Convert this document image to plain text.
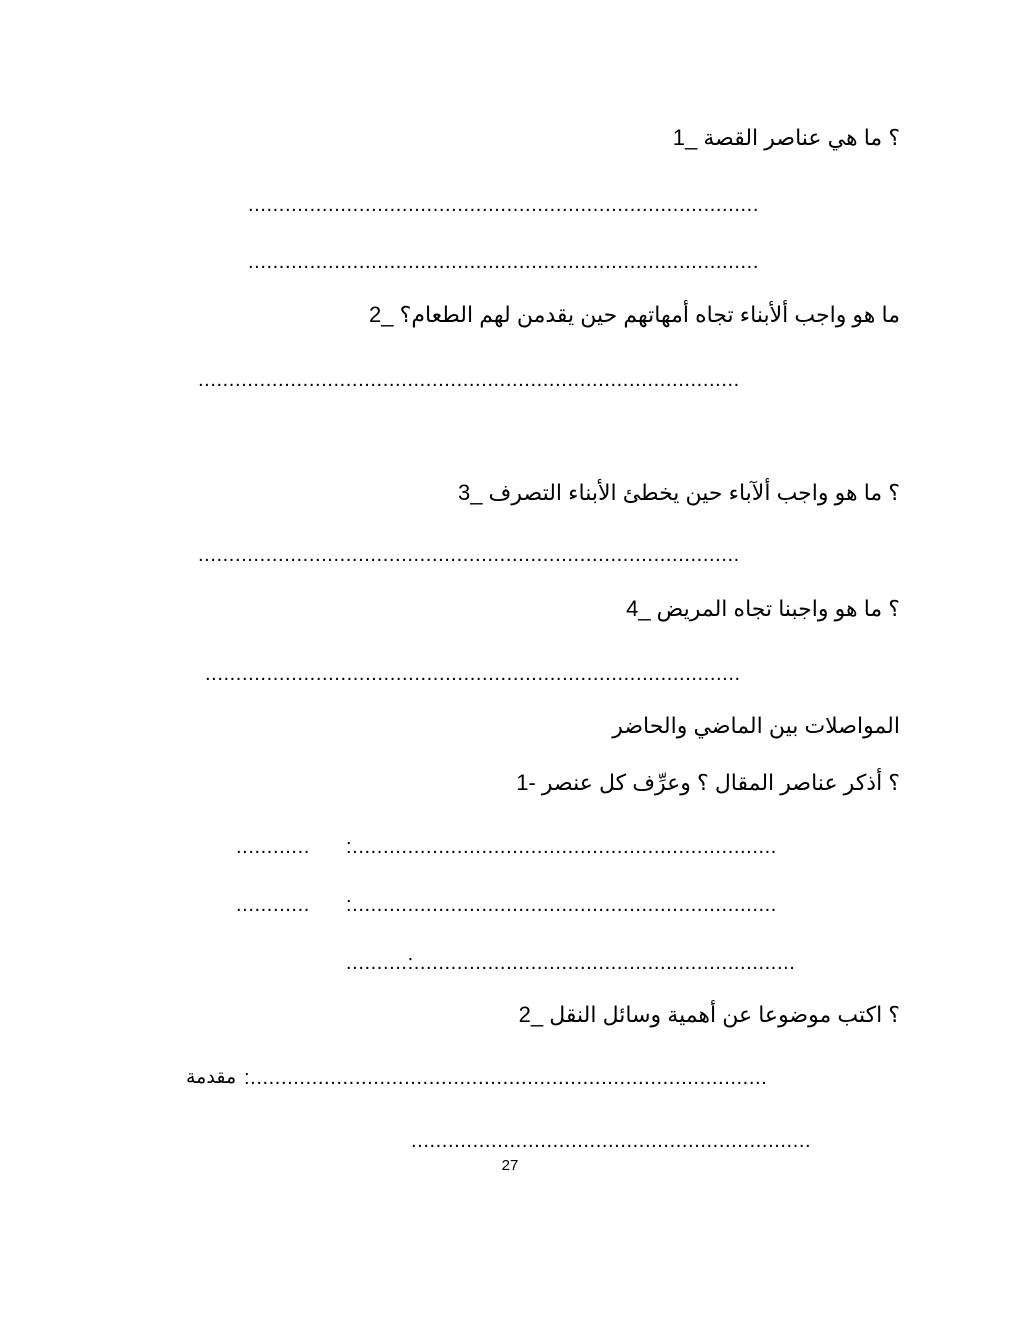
؟ ما هي عناصر القصة _1
...................................................................................
...................................................................................
ما هو واجب ألأبناء تجاه أمهاتهم حين يقدمن لهم الطعام؟ _2
........................................................................................
؟ ما هو واجب ألآباء حين يخطئ الأبناء التصرف _3
........................................................................................
؟ ما هو واجبنا تجاه المريض _4
.......................................................................................
المواصلات بين الماضي والحاضر
؟ أذكر عناصر المقال ؟ وعرِّف كل عنصر -1
............	:.....................................................................
............	:.....................................................................
..........:..............................................................
؟ اكتب موضوعا عن أهمية وسائل النقل _2
مقدمة :....................................................................................
.................................................................
27
